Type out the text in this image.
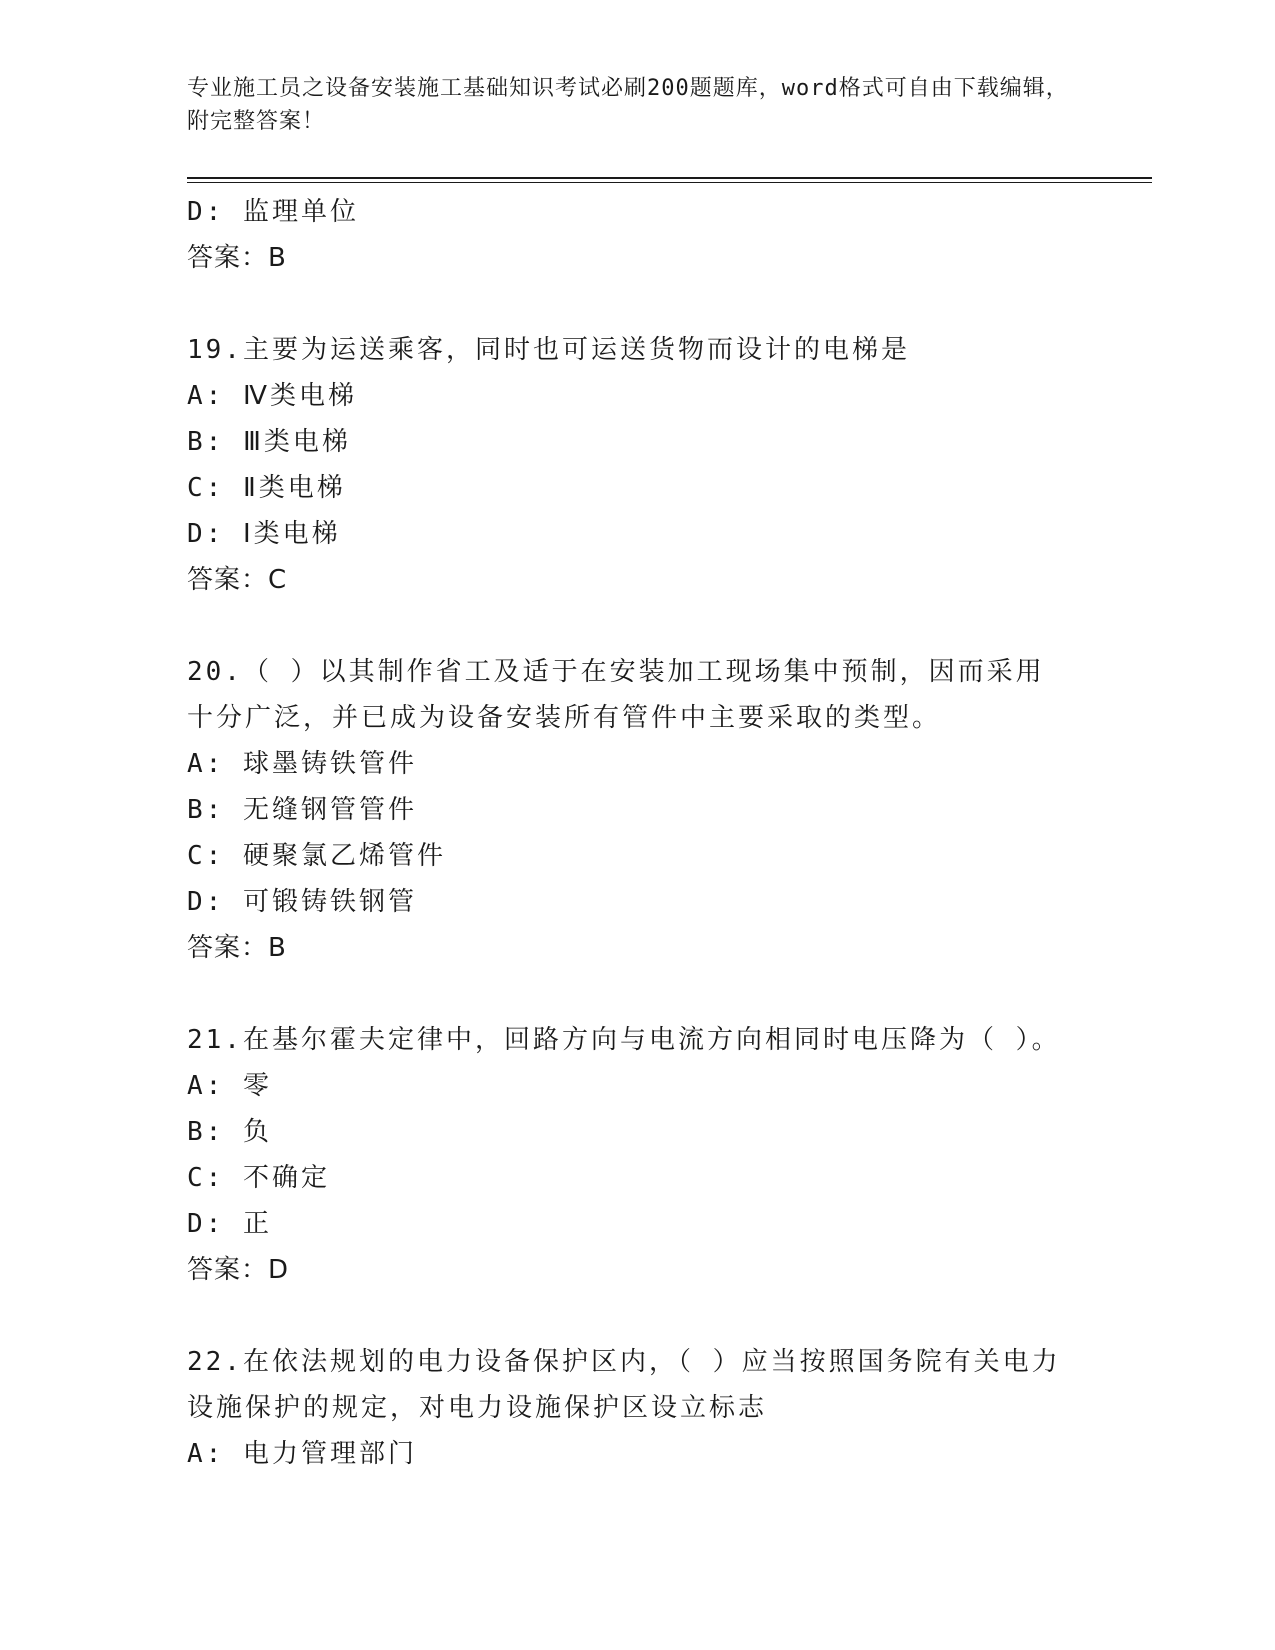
专业施工员之设备安装施工基础知识考试必刷200题题库，word格式可自由下载编辑，附完整答案！
D: 监理单位
答案：B
19.主要为运送乘客，同时也可运送货物而设计的电梯是
A: Ⅳ类电梯
B: Ⅲ类电梯
C: Ⅱ类电梯
D: Ⅰ类电梯
答案：C
20.（ ）以其制作省工及适于在安装加工现场集中预制，因而采用十分广泛，并已成为设备安装所有管件中主要采取的类型。
A: 球墨铸铁管件
B: 无缝钢管管件
C: 硬聚氯乙烯管件
D: 可锻铸铁钢管
答案：B
21.在基尔霍夫定律中，回路方向与电流方向相同时电压降为（ ）。
A: 零
B: 负
C: 不确定
D: 正
答案：D
22.在依法规划的电力设备保护区内，（ ）应当按照国务院有关电力设施保护的规定，对电力设施保护区设立标志
A: 电力管理部门
